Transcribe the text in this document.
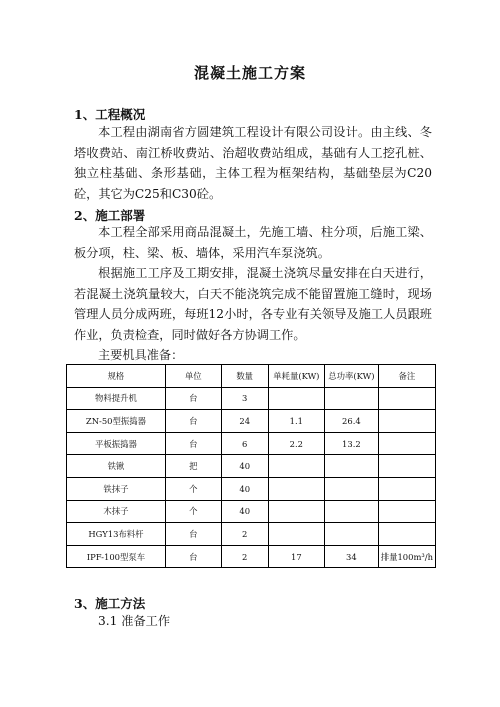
混凝土施工方案
1、工程概况
本工程由湖南省方圆建筑工程设计有限公司设计。由主线、冬塔收费站、南江桥收费站、治超收费站组成，基础有人工挖孔桩、独立柱基础、条形基础，主体工程为框架结构，基础垫层为C20砼，其它为C25和C30砼。
2、施工部署
本工程全部采用商品混凝土，先施工墙、柱分项，后施工梁、板分项，柱、梁、板、墙体，采用汽车泵浇筑。
根据施工工序及工期安排，混凝土浇筑尽量安排在白天进行，若混凝土浇筑量较大，白天不能浇筑完成不能留置施工缝时，现场管理人员分成两班，每班12小时，各专业有关领导及施工人员跟班作业，负责检查，同时做好各方协调工作。
主要机具准备：
规格	单位	数量	单耗量(KW)	总功率(KW)	备注
物料提升机	台	3			
ZN-50型振捣器	台	24	1.1	26.4	
平板振捣器	台	6	2.2	13.2	
铁锹	把	40			
铁抹子	个	40			
木抹子	个	40			
HGY13布料杆	台	2			
IPF-100型泵车	台	2	17	34	排量100m³/h
3、施工方法
3.1 准备工作
